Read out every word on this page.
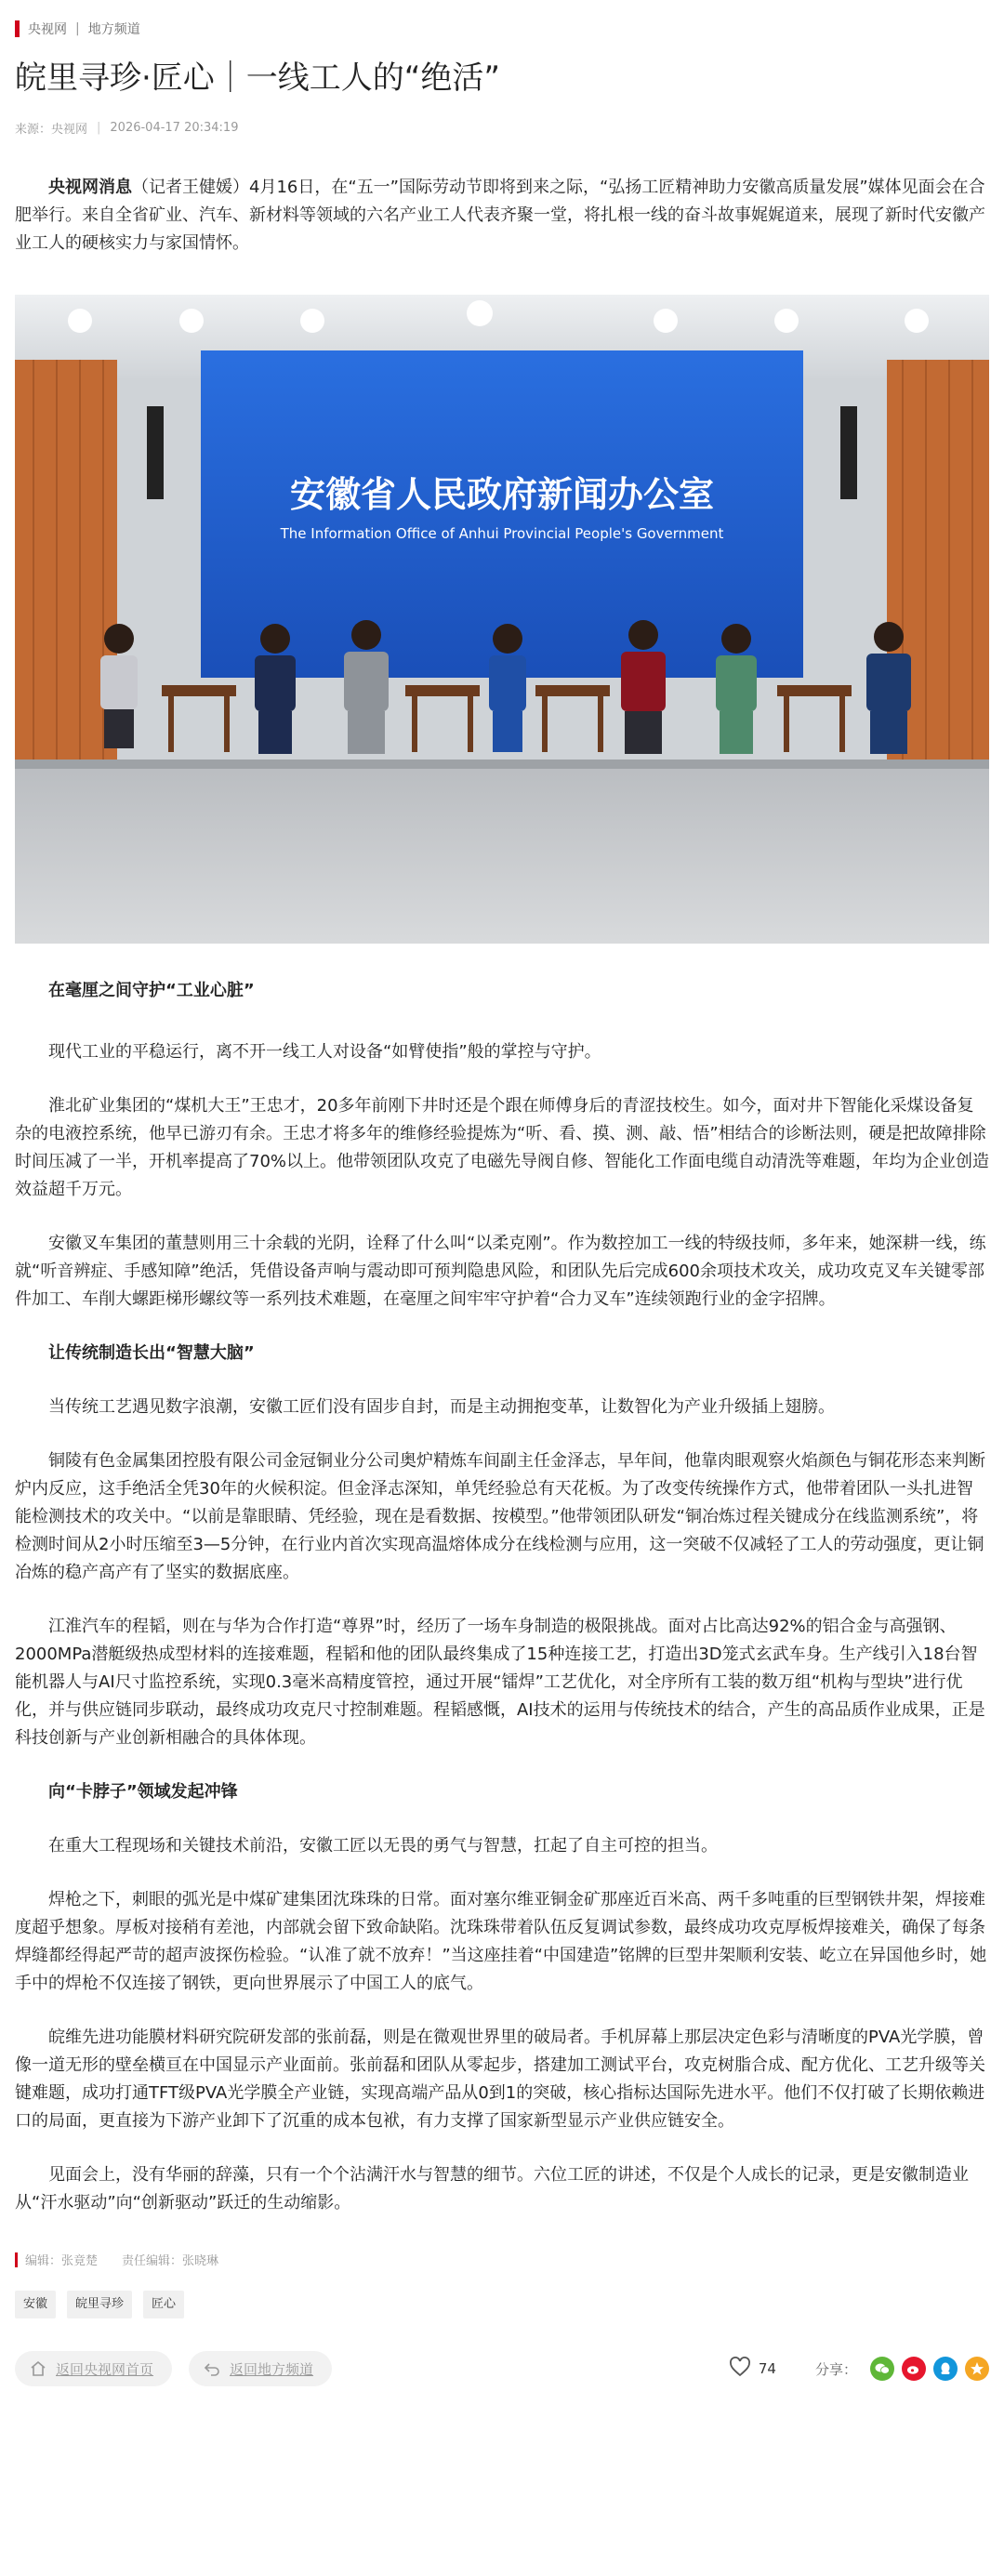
央视网 | 地方频道
皖里寻珍·匠心｜一线工人的“绝活”
来源：央视网 | 2026-04-17 20:34:19

央视网消息（记者王健媛）4月16日，在“五一”国际劳动节即将到来之际，“弘扬工匠精神助力安徽高质量发展”媒体见面会在合肥举行。来自全省矿业、汽车、新材料等领域的六名产业工人代表齐聚一堂，将扎根一线的奋斗故事娓娓道来，展现了新时代安徽产业工人的硬核实力与家国情怀。

安徽省人民政府新闻办公室
The Information Office of Anhui Provincial People's Government
在毫厘之间守护“工业心脏”

现代工业的平稳运行，离不开一线工人对设备“如臂使指”般的掌控与守护。

淮北矿业集团的“煤机大王”王忠才，20多年前刚下井时还是个跟在师傅身后的青涩技校生。如今，面对井下智能化采煤设备复杂的电液控系统，他早已游刃有余。王忠才将多年的维修经验提炼为“听、看、摸、测、敲、悟”相结合的诊断法则，硬是把故障排除时间压减了一半，开机率提高了70%以上。他带领团队攻克了电磁先导阀自修、智能化工作面电缆自动清洗等难题，年均为企业创造效益超千万元。

安徽叉车集团的董慧则用三十余载的光阴，诠释了什么叫“以柔克刚”。作为数控加工一线的特级技师，多年来，她深耕一线，练就“听音辨症、手感知障”绝活，凭借设备声响与震动即可预判隐患风险，和团队先后完成600余项技术攻关，成功攻克叉车关键零部件加工、车削大螺距梯形螺纹等一系列技术难题，在毫厘之间牢牢守护着“合力叉车”连续领跑行业的金字招牌。

让传统制造长出“智慧大脑”

当传统工艺遇见数字浪潮，安徽工匠们没有固步自封，而是主动拥抱变革，让数智化为产业升级插上翅膀。

铜陵有色金属集团控股有限公司金冠铜业分公司奥炉精炼车间副主任金泽志，早年间，他靠肉眼观察火焰颜色与铜花形态来判断炉内反应，这手绝活全凭30年的火候积淀。但金泽志深知，单凭经验总有天花板。为了改变传统操作方式，他带着团队一头扎进智能检测技术的攻关中。“以前是靠眼睛、凭经验，现在是看数据、按模型。”他带领团队研发“铜冶炼过程关键成分在线监测系统”，将检测时间从2小时压缩至3—5分钟，在行业内首次实现高温熔体成分在线检测与应用，这一突破不仅减轻了工人的劳动强度，更让铜冶炼的稳产高产有了坚实的数据底座。

江淮汽车的程韬，则在与华为合作打造“尊界”时，经历了一场车身制造的极限挑战。面对占比高达92%的铝合金与高强钢、2000MPa潜艇级热成型材料的连接难题，程韬和他的团队最终集成了15种连接工艺，打造出3D笼式玄武车身。生产线引入18台智能机器人与AI尺寸监控系统，实现0.3毫米高精度管控，通过开展“镭焊”工艺优化，对全序所有工装的数万组“机构与型块”进行优化，并与供应链同步联动，最终成功攻克尺寸控制难题。程韬感慨，AI技术的运用与传统技术的结合，产生的高品质作业成果，正是科技创新与产业创新相融合的具体体现。

向“卡脖子”领域发起冲锋

在重大工程现场和关键技术前沿，安徽工匠以无畏的勇气与智慧，扛起了自主可控的担当。

焊枪之下，刺眼的弧光是中煤矿建集团沈珠珠的日常。面对塞尔维亚铜金矿那座近百米高、两千多吨重的巨型钢铁井架，焊接难度超乎想象。厚板对接稍有差池，内部就会留下致命缺陷。沈珠珠带着队伍反复调试参数，最终成功攻克厚板焊接难关，确保了每条焊缝都经得起严苛的超声波探伤检验。“认准了就不放弃！”当这座挂着“中国建造”铭牌的巨型井架顺利安装、屹立在异国他乡时，她手中的焊枪不仅连接了钢铁，更向世界展示了中国工人的底气。

皖维先进功能膜材料研究院研发部的张前磊，则是在微观世界里的破局者。手机屏幕上那层决定色彩与清晰度的PVA光学膜，曾像一道无形的壁垒横亘在中国显示产业面前。张前磊和团队从零起步，搭建加工测试平台，攻克树脂合成、配方优化、工艺升级等关键难题，成功打通TFT级PVA光学膜全产业链，实现高端产品从0到1的突破，核心指标达国际先进水平。他们不仅打破了长期依赖进口的局面，更直接为下游产业卸下了沉重的成本包袱，有力支撑了国家新型显示产业供应链安全。

见面会上，没有华丽的辞藻，只有一个个沾满汗水与智慧的细节。六位工匠的讲述，不仅是个人成长的记录，更是安徽制造业从“汗水驱动”向“创新驱动”跃迁的生动缩影。

编辑：张竟楚 责任编辑：张晓琳
安徽	皖里寻珍	匠心
返回央视网首页	返回地方频道	74	分享：
